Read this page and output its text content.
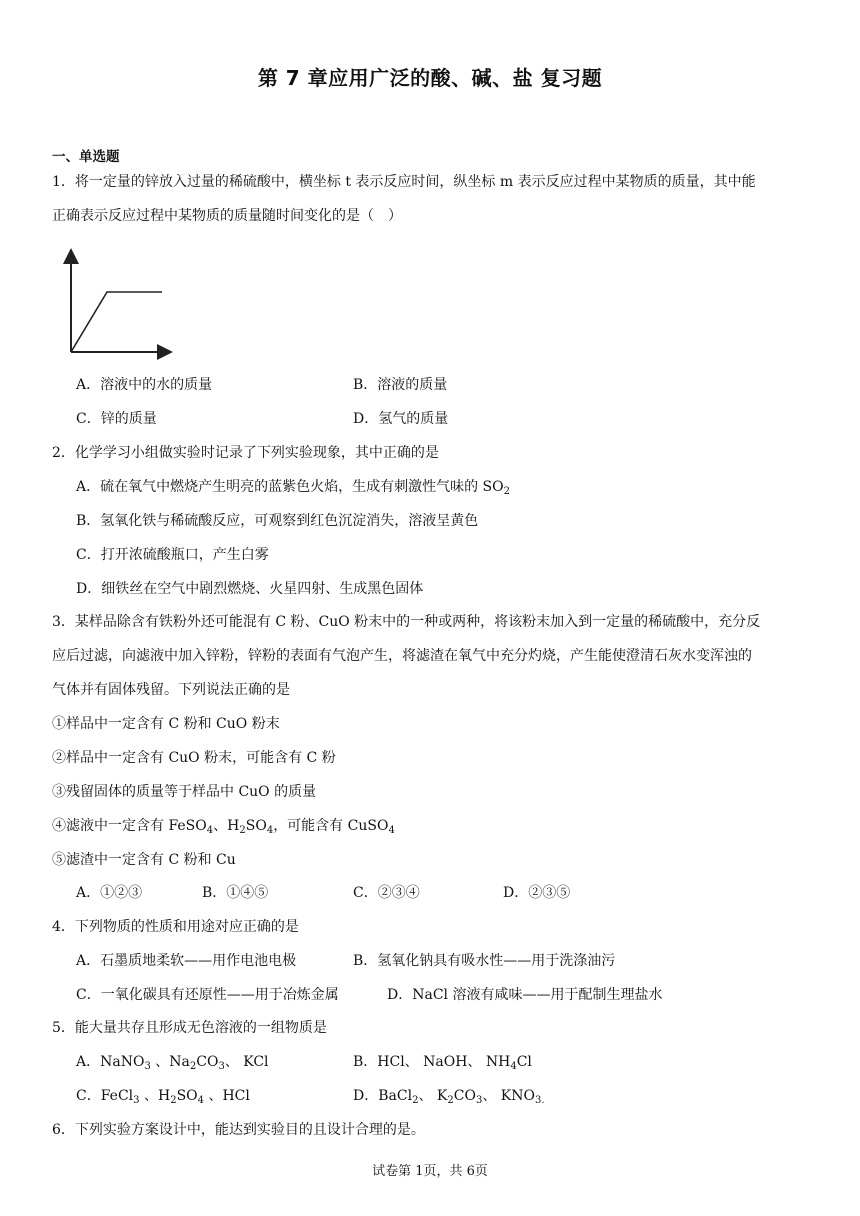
第 7 章应用广泛的酸、碱、盐 复习题
一、单选题
1．将一定量的锌放入过量的稀硫酸中，横坐标 t 表示反应时间，纵坐标 m 表示反应过程中某物质的质量，其中能
正确表示反应过程中某物质的质量随时间变化的是（　）
A．溶液中的水的质量	B．溶液的质量
C．锌的质量	D．氢气的质量
2．化学学习小组做实验时记录了下列实验现象，其中正确的是
A．硫在氧气中燃烧产生明亮的蓝紫色火焰，生成有刺激性气味的 $SO_2$
B．氢氧化铁与稀硫酸反应，可观察到红色沉淀消失，溶液呈黄色
C．打开浓硫酸瓶口，产生白雾
D．细铁丝在空气中剧烈燃烧、火星四射、生成黑色固体
3．某样品除含有铁粉外还可能混有 C 粉、CuO 粉末中的一种或两种，将该粉末加入到一定量的稀硫酸中，充分反
应后过滤，向滤液中加入锌粉，锌粉的表面有气泡产生，将滤渣在氧气中充分灼烧，产生能使澄清石灰水变浑浊的
气体并有固体残留。下列说法正确的是
①样品中一定含有 C 粉和 CuO 粉末
②样品中一定含有 CuO 粉末，可能含有 C 粉
③残留固体的质量等于样品中 CuO 的质量
④滤液中一定含有 FeSO$_4$、$H_2SO_4$，可能含有 CuSO$_4$
⑤滤渣中一定含有 C 粉和 Cu
A．①②③	B．①④⑤	C．②③④	D．②③⑤
4．下列物质的性质和用途对应正确的是
A．石墨质地柔软——用作电池电极	B．氢氧化钠具有吸水性——用于洗涤油污
C．一氧化碳具有还原性——用于冶炼金属	D．NaCl 溶液有咸味——用于配制生理盐水
5．能大量共存且形成无色溶液的一组物质是
A．NaNO$_3$ 、$Na_2CO_3$、 KCl	B．HCl、 NaOH、 $NH_4Cl$
C．FeCl$_3$ 、$H_2SO_4$ 、HCl	D．BaCl$_2$、 $K_2CO_3$、 $KNO_{3.}$
6．下列实验方案设计中，能达到实验目的且设计合理的是。
试卷第 1页，共 6页
